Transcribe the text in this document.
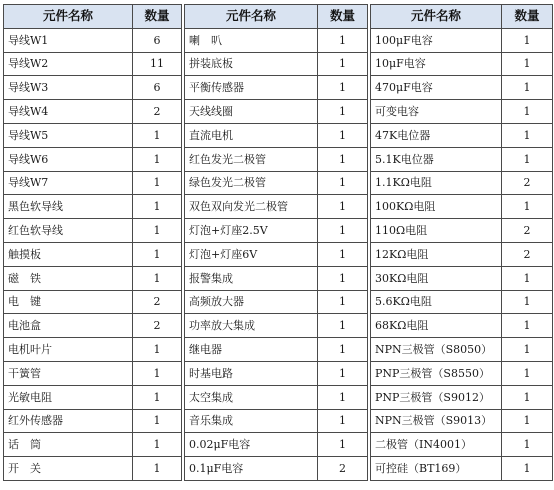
元件名称	数量
导线W1	6
导线W2	11
导线W3	6
导线W4	2
导线W5	1
导线W6	1
导线W7	1
黑色软导线	1
红色软导线	1
触摸板	1
磁　铁	1
电　键	2
电池盒	2
电机叶片	1
干簧管	1
光敏电阻	1
红外传感器	1
话　筒	1
开　关	1
元件名称	数量
喇　叭	1
拼装底板	1
平衡传感器	1
天线线圈	1
直流电机	1
红色发光二极管	1
绿色发光二极管	1
双色双向发光二极管	1
灯泡+灯座2.5V	1
灯泡+灯座6V	1
报警集成	1
高频放大器	1
功率放大集成	1
继电器	1
时基电路	1
太空集成	1
音乐集成	1
0.02μF电容	1
0.1μF电容	2
元件名称	数量
100μF电容	1
10μF电容	1
470μF电容	1
可变电容	1
47K电位器	1
5.1K电位器	1
1.1KΩ电阻	2
100KΩ电阻	1
110Ω电阻	2
12KΩ电阻	2
30KΩ电阻	1
5.6KΩ电阻	1
68KΩ电阻	1
NPN三极管（S8050）	1
PNP三极管（S8550）	1
PNP三极管（S9012）	1
NPN三极管（S9013）	1
二极管（IN4001）	1
可控硅（BT169）	1
